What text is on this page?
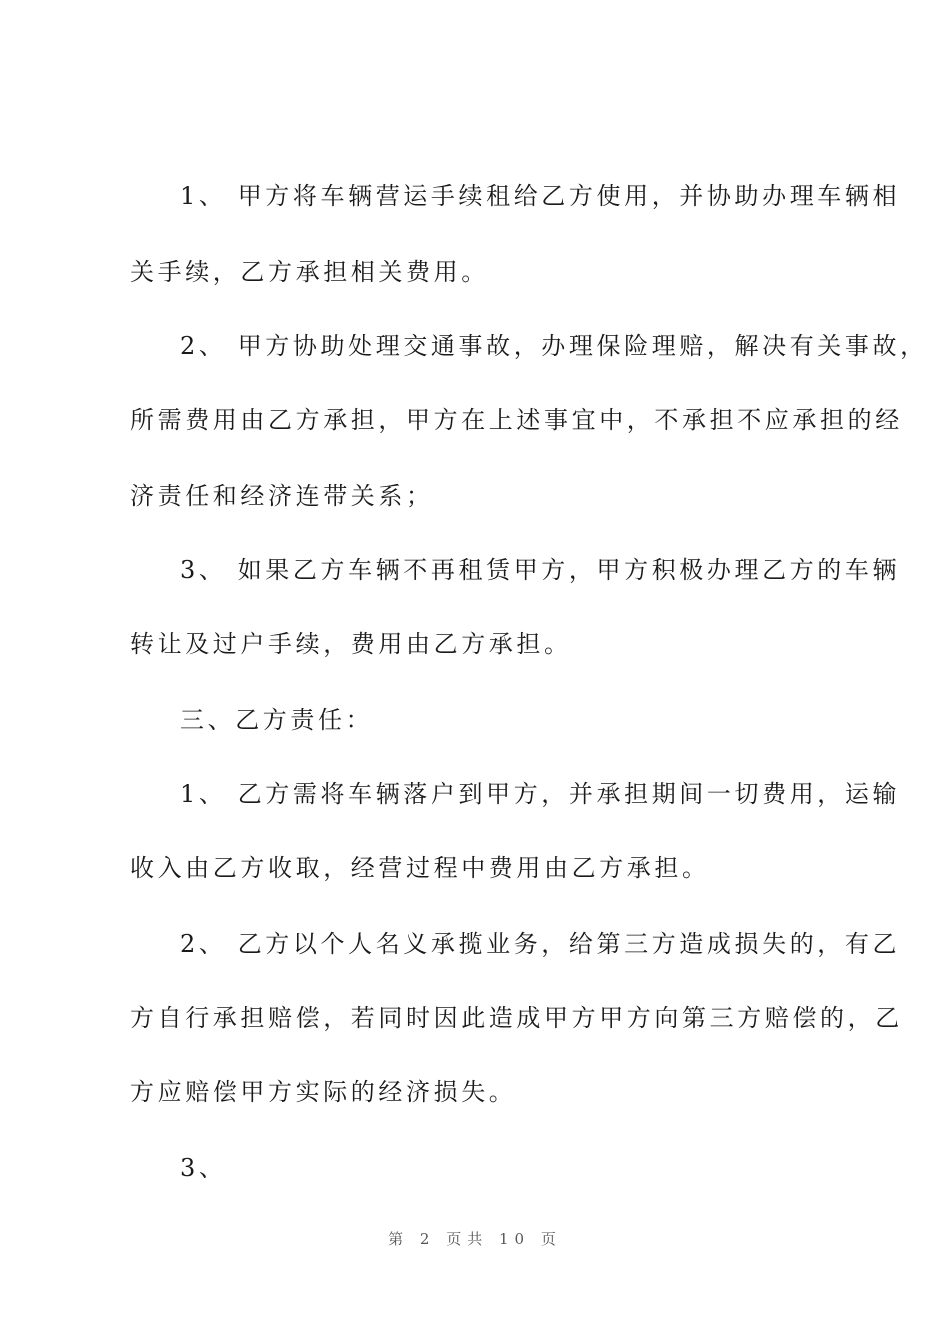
1、 甲方将车辆营运手续租给乙方使用，并协助办理车辆相
关手续，乙方承担相关费用。
2、 甲方协助处理交通事故，办理保险理赔，解决有关事故，
所需费用由乙方承担，甲方在上述事宜中，不承担不应承担的经
济责任和经济连带关系；
3、 如果乙方车辆不再租赁甲方，甲方积极办理乙方的车辆
转让及过户手续，费用由乙方承担。
三、乙方责任：
1、 乙方需将车辆落户到甲方，并承担期间一切费用，运输
收入由乙方收取，经营过程中费用由乙方承担。
2、 乙方以个人名义承揽业务，给第三方造成损失的，有乙
方自行承担赔偿，若同时因此造成甲方甲方向第三方赔偿的，乙
方应赔偿甲方实际的经济损失。
3、
第 2 页共 10 页
